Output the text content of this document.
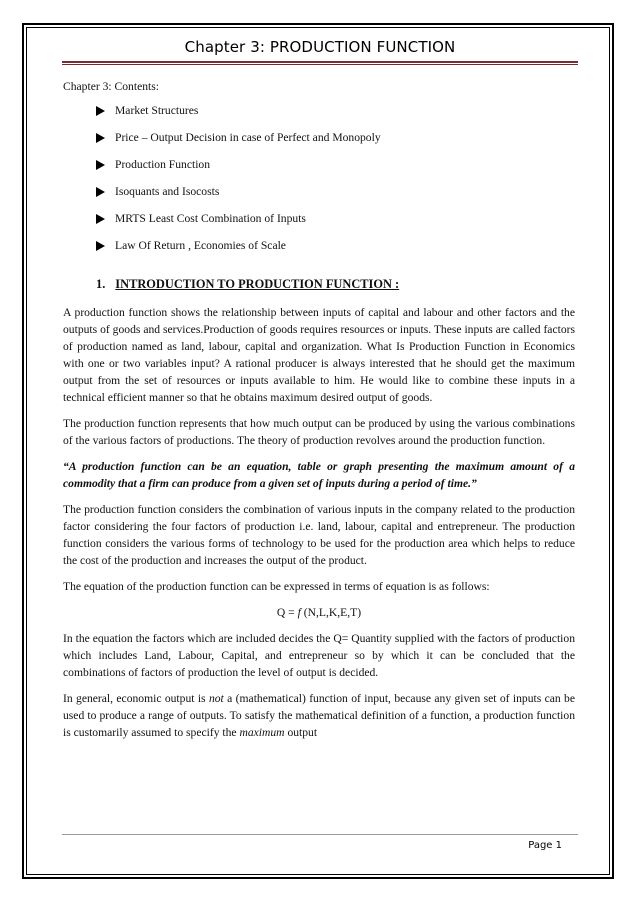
Chapter 3: PRODUCTION FUNCTION
Chapter 3: Contents:
Market Structures
Price – Output Decision in case of Perfect and Monopoly
Production Function
Isoquants and Isocosts
MRTS Least Cost Combination of Inputs
Law Of Return , Economies of Scale
1. INTRODUCTION TO PRODUCTION FUNCTION :

A production function shows the relationship between inputs of capital and labour and other factors and the outputs of goods and services.Production of goods requires resources or inputs. These inputs are called factors of production named as land, labour, capital and organization. What Is Production Function in Economics with one or two variables input? A rational producer is always interested that he should get the maximum output from the set of resources or inputs available to him. He would like to combine these inputs in a technical efficient manner so that he obtains maximum desired output of goods.

The production function represents that how much output can be produced by using the various combinations of the various factors of productions. The theory of production revolves around the production function.

“A production function can be an equation, table or graph presenting the maximum amount of a commodity that a firm can produce from a given set of inputs during a period of time.”

The production function considers the combination of various inputs in the company related to the production factor considering the four factors of production i.e. land, labour, capital and entrepreneur. The production function considers the various forms of technology to be used for the production area which helps to reduce the cost of the production and increases the output of the product.

The equation of the production function can be expressed in terms of equation is as follows:

Q = f (N,L,K,E,T)

In the equation the factors which are included decides the Q= Quantity supplied with the factors of production which includes Land, Labour, Capital, and entrepreneur so by which it can be concluded that the combinations of factors of production the level of output is decided.

In general, economic output is not a (mathematical) function of input, because any given set of inputs can be used to produce a range of outputs. To satisfy the mathematical definition of a function, a production function is customarily assumed to specify the maximum output

Page 1
